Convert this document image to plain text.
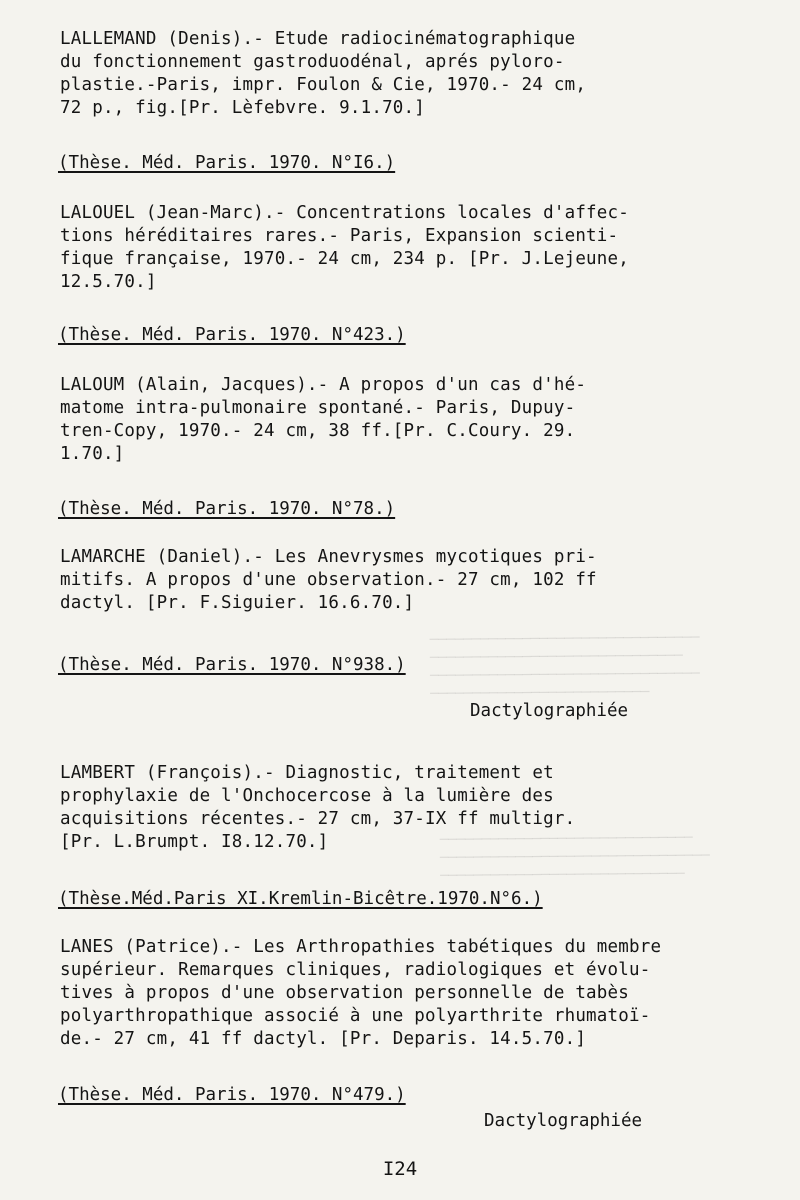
────────────────────────────────
──────────────────────────────
────────────────────────────────
──────────────────────────
──────────────────────────────
────────────────────────────────
─────────────────────────────
LALLEMAND (Denis).- Etude radiocinématographique
du fonctionnement gastroduodénal, aprés pyloro-
plastie.-Paris, impr. Foulon & Cie, 1970.- 24 cm,
72 p., fig.[Pr. Lèfebvre. 9.1.70.]
(Thèse. Méd. Paris. 1970. N°I6.)
LALOUEL (Jean-Marc).- Concentrations locales d'affec-
tions héréditaires rares.- Paris, Expansion scienti-
fique française, 1970.- 24 cm, 234 p. [Pr. J.Lejeune,
12.5.70.]
(Thèse. Méd. Paris. 1970. N°423.)
LALOUM (Alain, Jacques).- A propos d'un cas d'hé-
matome intra-pulmonaire spontané.- Paris, Dupuy-
tren-Copy, 1970.- 24 cm, 38 ff.[Pr. C.Coury. 29.
1.70.]
(Thèse. Méd. Paris. 1970. N°78.)
LAMARCHE (Daniel).- Les Anevrysmes mycotiques pri-
mitifs. A propos d'une observation.- 27 cm, 102 ff
dactyl. [Pr. F.Siguier. 16.6.70.]
(Thèse. Méd. Paris. 1970. N°938.)
Dactylographiée
LAMBERT (François).- Diagnostic, traitement et
prophylaxie de l'Onchocercose à la lumière des
acquisitions récentes.- 27 cm, 37-IX ff multigr.
[Pr. L.Brumpt. I8.12.70.]
(Thèse.Méd.Paris XI.Kremlin-Bicêtre.1970.N°6.)
LANES (Patrice).- Les Arthropathies tabétiques du membre
supérieur. Remarques cliniques, radiologiques et évolu-
tives à propos d'une observation personnelle de tabès
polyarthropathique associé à une polyarthrite rhumatoï-
de.- 27 cm, 41 ff dactyl. [Pr. Deparis. 14.5.70.]
(Thèse. Méd. Paris. 1970. N°479.)
Dactylographiée
I24
